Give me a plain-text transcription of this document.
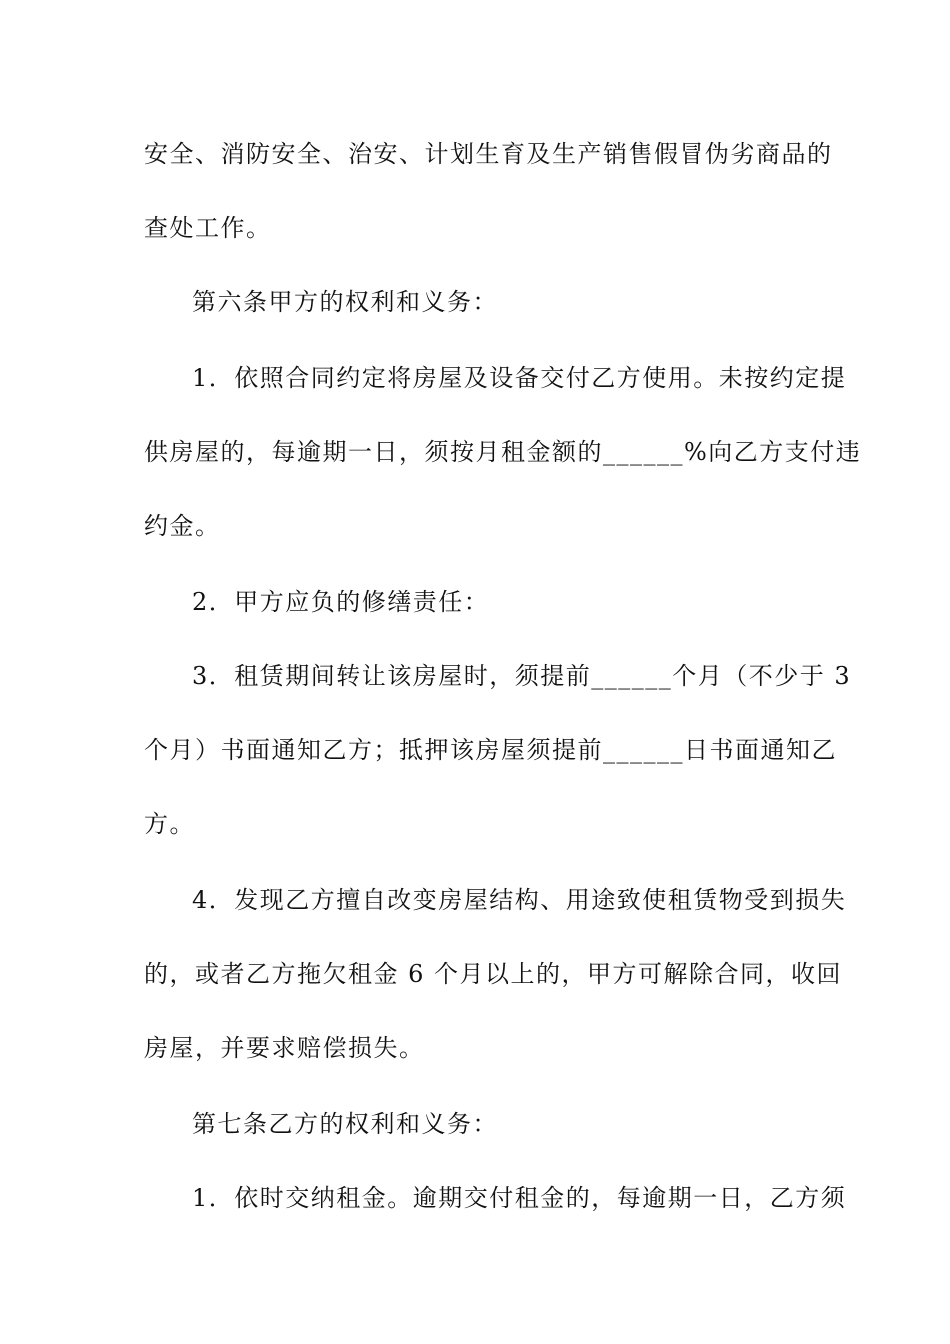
安全、消防安全、治安、计划生育及生产销售假冒伪劣商品的
查处工作。
第六条甲方的权利和义务：
1．依照合同约定将房屋及设备交付乙方使用。未按约定提
供房屋的，每逾期一日，须按月租金额的______%向乙方支付违
约金。
2．甲方应负的修缮责任：
3．租赁期间转让该房屋时，须提前______个月（不少于 3
个月）书面通知乙方；抵押该房屋须提前______日书面通知乙
方。
4．发现乙方擅自改变房屋结构、用途致使租赁物受到损失
的，或者乙方拖欠租金 6 个月以上的，甲方可解除合同，收回
房屋，并要求赔偿损失。
第七条乙方的权利和义务：
1．依时交纳租金。逾期交付租金的，每逾期一日，乙方须
